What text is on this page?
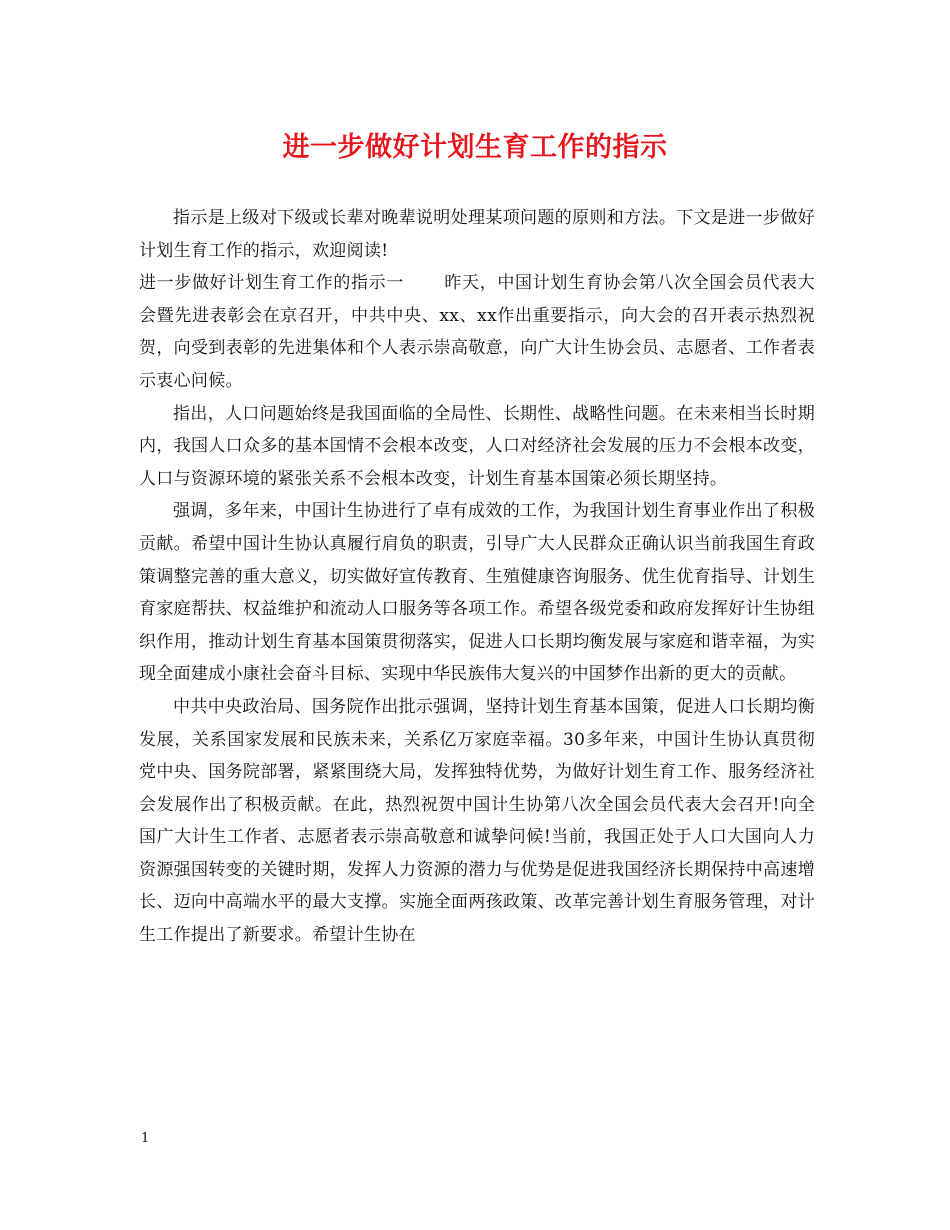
进一步做好计划生育工作的指示

指示是上级对下级或长辈对晚辈说明处理某项问题的原则和方法。下文是进一步做好计划生育工作的指示，欢迎阅读!

进一步做好计划生育工作的指示一 昨天，中国计划生育协会第八次全国会员代表大会暨先进表彰会在京召开，中共中央、xx、xx作出重要指示，向大会的召开表示热烈祝贺，向受到表彰的先进集体和个人表示崇高敬意，向广大计生协会员、志愿者、工作者表示衷心问候。

指出，人口问题始终是我国面临的全局性、长期性、战略性问题。在未来相当长时期内，我国人口众多的基本国情不会根本改变，人口对经济社会发展的压力不会根本改变，人口与资源环境的紧张关系不会根本改变，计划生育基本国策必须长期坚持。

强调，多年来，中国计生协进行了卓有成效的工作，为我国计划生育事业作出了积极贡献。希望中国计生协认真履行肩负的职责，引导广大人民群众正确认识当前我国生育政策调整完善的重大意义，切实做好宣传教育、生殖健康咨询服务、优生优育指导、计划生育家庭帮扶、权益维护和流动人口服务等各项工作。希望各级党委和政府发挥好计生协组织作用，推动计划生育基本国策贯彻落实，促进人口长期均衡发展与家庭和谐幸福，为实现全面建成小康社会奋斗目标、实现中华民族伟大复兴的中国梦作出新的更大的贡献。

中共中央政治局、国务院作出批示强调，坚持计划生育基本国策，促进人口长期均衡发展，关系国家发展和民族未来，关系亿万家庭幸福。30多年来，中国计生协认真贯彻党中央、国务院部署，紧紧围绕大局，发挥独特优势，为做好计划生育工作、服务经济社会发展作出了积极贡献。在此，热烈祝贺中国计生协第八次全国会员代表大会召开!向全国广大计生工作者、志愿者表示崇高敬意和诚挚问候!当前，我国正处于人口大国向人力资源强国转变的关键时期，发挥人力资源的潜力与优势是促进我国经济长期保持中高速增长、迈向中高端水平的最大支撑。实施全面两孩政策、改革完善计划生育服务管理，对计生工作提出了新要求。希望计生协在

1
